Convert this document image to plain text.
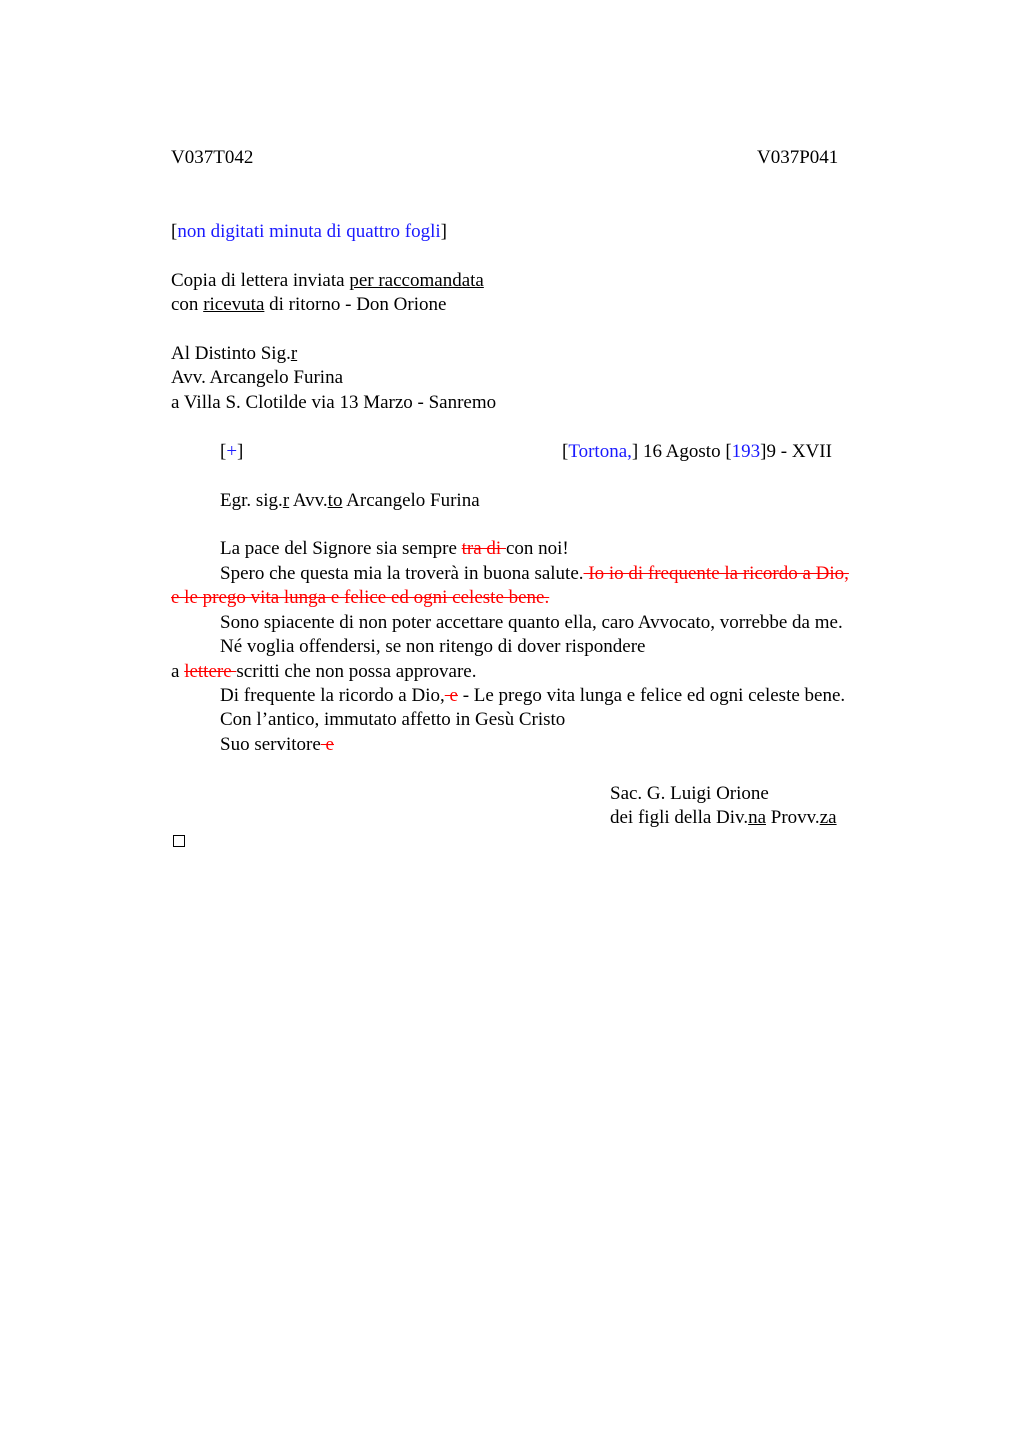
V037T042	V037P041
[non digitati minuta di quattro fogli]
Copia di lettera inviata per raccomandata
con ricevuta di ritorno - Don Orione
Al Distinto Sig.r
Avv. Arcangelo Furina
a Villa S. Clotilde via 13 Marzo - Sanremo
[+]	[Tortona,] 16 Agosto [193]9 - XVII
Egr. sig.r Avv.to Arcangelo Furina
La pace del Signore sia sempre tra di con noi!
Spero che questa mia la troverà in buona salute. Io io di frequente la ricordo a Dio,
e le prego vita lunga e felice ed ogni celeste bene.
Sono spiacente di non poter accettare quanto ella, caro Avvocato, vorrebbe da me.
Né voglia offendersi, se non ritengo di dover rispondere
a lettere scritti che non possa approvare.
Di frequente la ricordo a Dio, e - Le prego vita lunga e felice ed ogni celeste bene.
Con l’antico, immutato affetto in Gesù Cristo
Suo servitore e
Sac. G. Luigi Orione
dei figli della Div.na Provv.za
